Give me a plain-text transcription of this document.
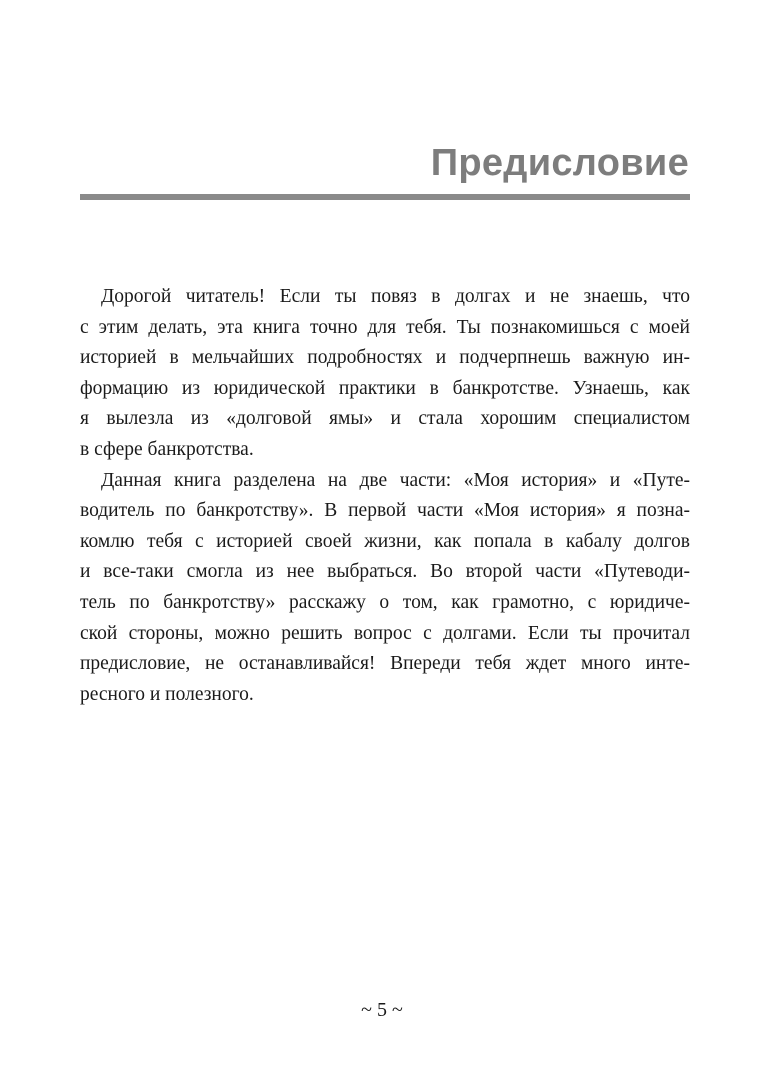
Предисловие

Дорогой читатель! Если ты повяз в долгах и не знаешь, что
с этим делать, эта книга точно для тебя. Ты познакомишься с моей
историей в мельчайших подробностях и подчерпнешь важную ин-
формацию из юридической практики в банкротстве. Узнаешь, как
я вылезла из «долговой ямы» и стала хорошим специалистом
в сфере банкротства.

Данная книга разделена на две части: «Моя история» и «Путе-
водитель по банкротству». В первой части «Моя история» я позна-
комлю тебя с историей своей жизни, как попала в кабалу долгов
и все-таки смогла из нее выбраться. Во второй части «Путеводи-
тель по банкротству» расскажу о том, как грамотно, с юридиче-
ской стороны, можно решить вопрос с долгами. Если ты прочитал
предисловие, не останавливайся! Впереди тебя ждет много инте-
ресного и полезного.

~ 5 ~
